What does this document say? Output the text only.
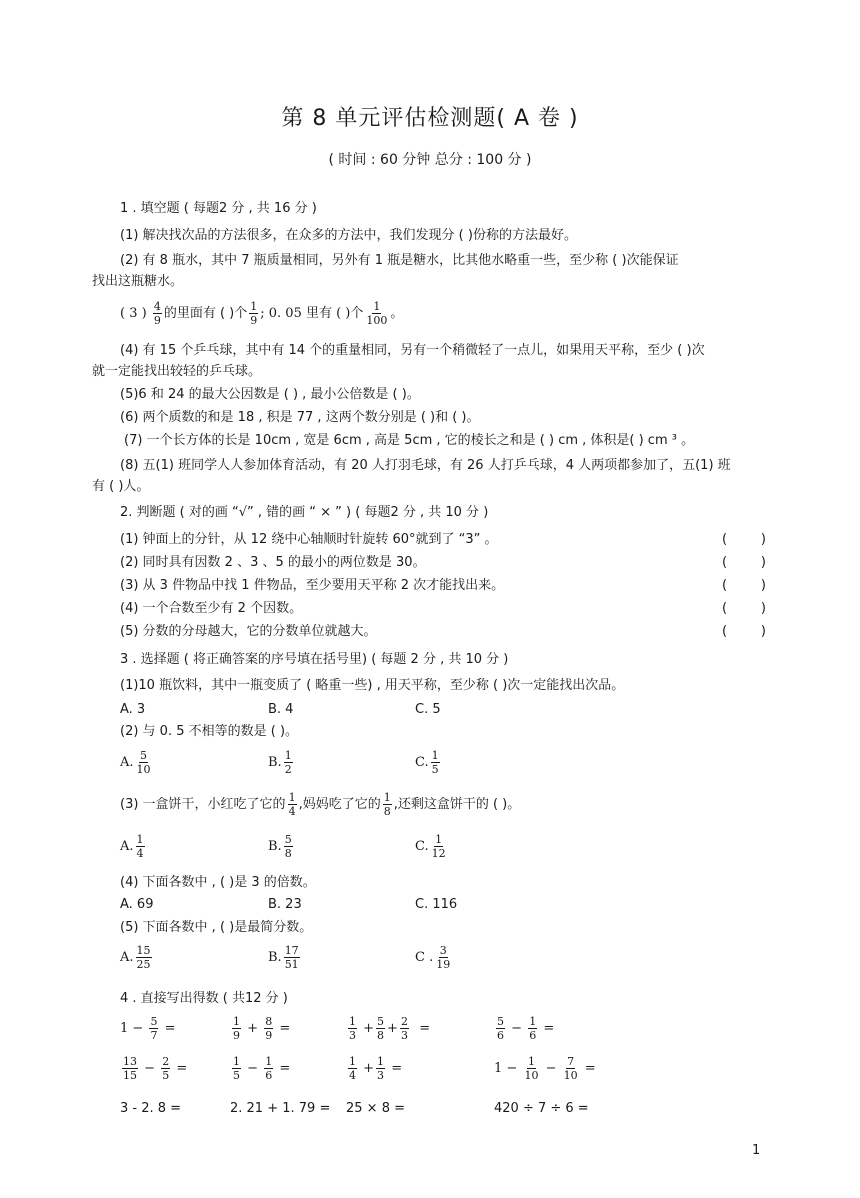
第 8 单元评估检测题( A 卷 )
( 时间 : 60 分钟 总分 : 100 分 )
1 . 填空题 ( 每题2 分 , 共 16 分 )
(1) 解决找次品的方法很多，在众多的方法中，我们发现分 ( )份称的方法最好。
(2) 有 8 瓶水，其中 7 瓶质量相同，另外有 1 瓶是糖水，比其他水略重一些，至少称 ( )次能保证
找出这瓶糖水。
( 3 ) $\frac{4}{9}$ 的里面有 ( )个 $\frac{1}{9}$ ; 0. 05 里有 ( )个 $\frac{1}{100}$ 。
(4) 有 15 个乒乓球，其中有 14 个的重量相同，另有一个稍微轻了一点儿，如果用天平称，至少 ( )次
就一定能找出较轻的乒乓球。
(5)6 和 24 的最大公因数是 ( ) , 最小公倍数是 ( )。
(6) 两个质数的和是 18 , 积是 77 , 这两个数分别是 ( )和 ( )。
(7) 一个长方体的长是 10cm , 宽是 6cm , 高是 5cm , 它的棱长之和是 ( ) cm , 体积是( ) cm ³ 。
(8) 五(1) 班同学人人参加体育活动，有 20 人打羽毛球，有 26 人打乒乓球，4 人两项都参加了，五(1) 班
有 ( )人。
2. 判断题 ( 对的画 “√” , 错的画 “ × ” ) ( 每题2 分 , 共 10 分 )
(1) 钟面上的分针，从 12 绕中心轴顺时针旋转 60°就到了 “3” 。	(	)
(2) 同时具有因数 2 、3 、5 的最小的两位数是 30。	(	)
(3) 从 3 件物品中找 1 件物品，至少要用天平称 2 次才能找出来。	(	)
(4) 一个合数至少有 2 个因数。	(	)
(5) 分数的分母越大，它的分数单位就越大。	(	)
3 . 选择题 ( 将正确答案的序号填在括号里) ( 每题 2 分 , 共 10 分 )
(1)10 瓶饮料，其中一瓶变质了 ( 略重一些) , 用天平称，至少称 ( )次一定能找出次品。
A. 3	B. 4	C. 5
(2) 与 0. 5 不相等的数是 ( )。
A. $\frac{5}{10}$	B. $\frac{1}{2}$	C. $\frac{1}{5}$
(3) 一盒饼干，小红吃了它的 $\frac{1}{4}$ ,妈妈吃了它的 $\frac{1}{8}$ ,还剩这盒饼干的 ( )。
A. $\frac{1}{4}$	B. $\frac{5}{8}$	C. $\frac{1}{12}$
(4) 下面各数中 , ( )是 3 的倍数。
A. 69	B. 23	C. 116
(5) 下面各数中 , ( )是最简分数。
A. $\frac{15}{25}$	B. $\frac{17}{51}$	C . $\frac{3}{19}$
4 . 直接写出得数 ( 共12 分 )
$1 - \frac{5}{7}$ =	$\frac{1}{9} + \frac{8}{9}$ =	$\frac{1}{3} + \frac{5}{8} + \frac{2}{3}$ =	$\frac{5}{6} - \frac{1}{6}$ =
$\frac{13}{15} - \frac{2}{5}$ =	$\frac{1}{5} - \frac{1}{6}$ =	$\frac{1}{4} + \frac{1}{3}$ =	$1 - \frac{1}{10} - \frac{7}{10}$ =
3 - 2. 8 =	2. 21 + 1. 79 = 25 × 8 =	420 ÷ 7 ÷ 6 =
1
